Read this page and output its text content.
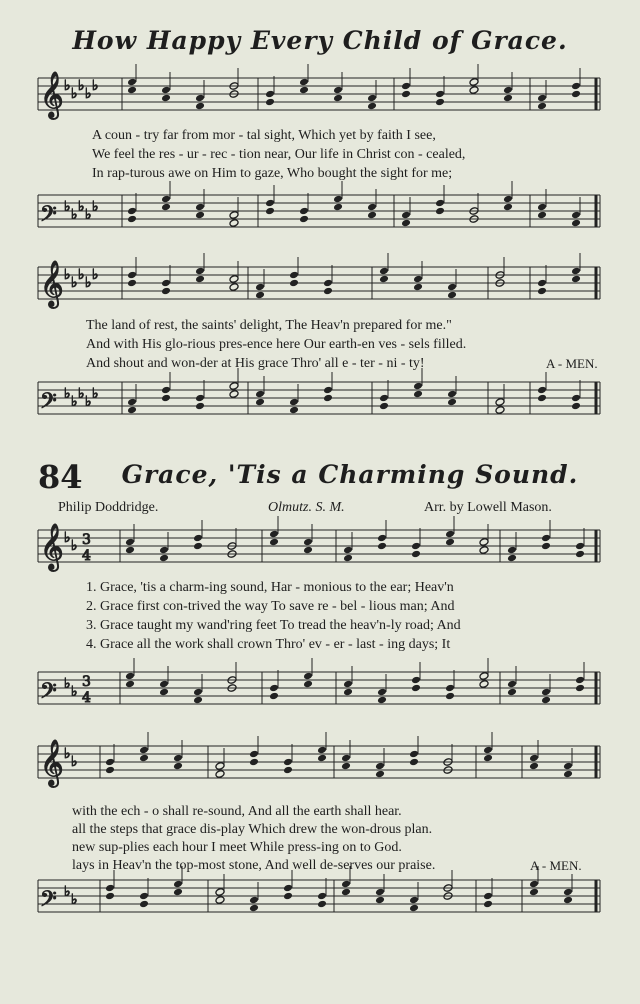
How Happy Every Child of Grace.
84	Grace, 'Tis a Charming Sound.
Philip Doddridge.	Olmutz. S. M.	Arr. by Lowell Mason.
𝄞 ♭ ♭ ♭ ♭ ♭
𝄢 ♭ ♭ ♭ ♭ ♭
𝄞 ♭ ♭ ♭ ♭ ♭
𝄢 ♭ ♭ ♭ ♭ ♭
𝄞 ♭ ♭ 3
4
𝄢 ♭ ♭
3
4
𝄞 ♭ ♭
𝄢 ♭ ♭
A coun - try far from mor - tal sight, Which yet by faith I see,
We feel the res - ur - rec - tion near, Our life in Christ con - cealed,
In rap-turous awe on Him to gaze, Who bought the sight for me;
The land of rest, the saints' delight, The Heav'n prepared for me."
And with His glo-rious pres-ence here Our earth-en ves - sels filled.
And shout and won-der at His grace Thro' all e - ter - ni - ty!	A - MEN.
1. Grace, 'tis a charm-ing sound, Har - monious to the ear; Heav'n
2. Grace first con-trived the way To save re - bel - lious man; And
3. Grace taught my wand'ring feet To tread the heav'n-ly road; And
4. Grace all the work shall crown Thro' ev - er - last - ing days; It
with the ech - o shall re-sound, And all the earth shall hear.
all the steps that grace dis-play Which drew the won-drous plan.
new sup-plies each hour I meet While press-ing on to God.
lays in Heav'n the top-most stone, And well de-serves our praise.	A - MEN.
